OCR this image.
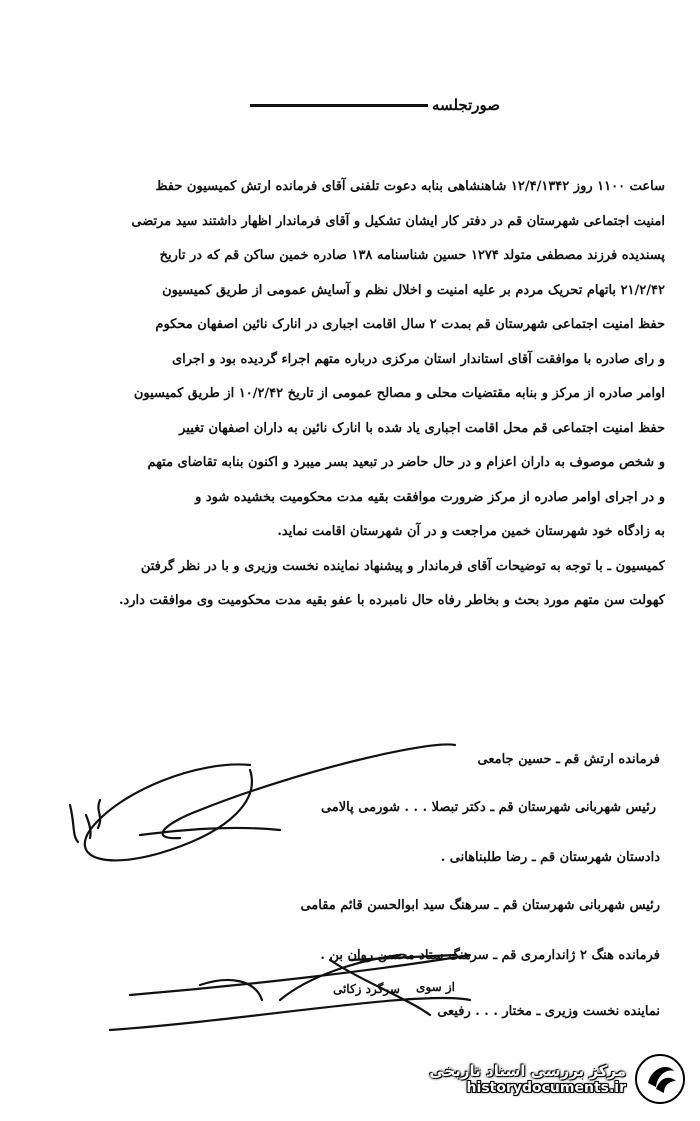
صورتجلسه

ساعت ۱۱۰۰ روز ۱۲/۴/۱۳۴۲ شاهنشاهی بنابه دعوت تلفنی آقای فرمانده ارتش کمیسیون حفظ

امنیت اجتماعی شهرستان قم در دفتر کار ایشان تشکیل و آقای فرماندار اظهار داشتند سید مرتضی

پسندیده فرزند مصطفی متولد ۱۲۷۴ حسین شناسنامه ۱۳۸ صادره خمین ساکن قم که در تاریخ

۲۱/۲/۴۲ باتهام تحریک مردم بر علیه امنیت و اخلال نظم و آسایش عمومی از طریق کمیسیون

حفظ امنیت اجتماعی شهرستان قم بمدت ۲ سال اقامت اجباری در انارک نائین اصفهان محکوم

و رای صادره با موافقت آقای استاندار استان مرکزی درباره متهم اجراء گردیده بود و اجرای

اوامر صادره از مرکز و بنابه مقتضیات محلی و مصالح عمومی از تاریخ ۱۰/۲/۴۲ از طریق کمیسیون

حفظ امنیت اجتماعی قم محل اقامت اجباری یاد شده با انارک نائین به داران اصفهان تغییر

و شخص موصوف به داران اعزام و در حال حاضر در تبعید بسر میبرد و اکنون بنابه تقاضای متهم

و در اجرای اوامر صادره از مرکز ضرورت موافقت بقیه مدت محکومیت بخشیده شود و

به زادگاه خود شهرستان خمین مراجعت و در آن شهرستان اقامت نماید.

کمیسیون ـ با توجه به توضیحات آقای فرماندار و پیشنهاد نماینده نخست وزیری و با در نظر گرفتن

کهولت سن متهم مورد بحث و بخاطر رفاه حال نامبرده با عفو بقیه مدت محکومیت وی موافقت دارد.

فرمانده ارتش قم ـ حسین جامعی
رئیس شهربانی شهرستان قم ـ دکتر تبصلا . . . شورمی پالامی
دادستان شهرستان قم ـ رضا طلبناهانی .
رئیس شهربانی شهرستان قم ـ سرهنگ سید ابوالحسن قائم مقامی
فرمانده هنگ ۲ ژاندارمری قم ـ سرهنگ ستاد محسن روان بن .
نماینده نخست وزیری ـ مختار . . . رفیعی
از سوی
سرگرد زکائی
مرکز بررسی اسناد تاریخی
historydocuments.ir
